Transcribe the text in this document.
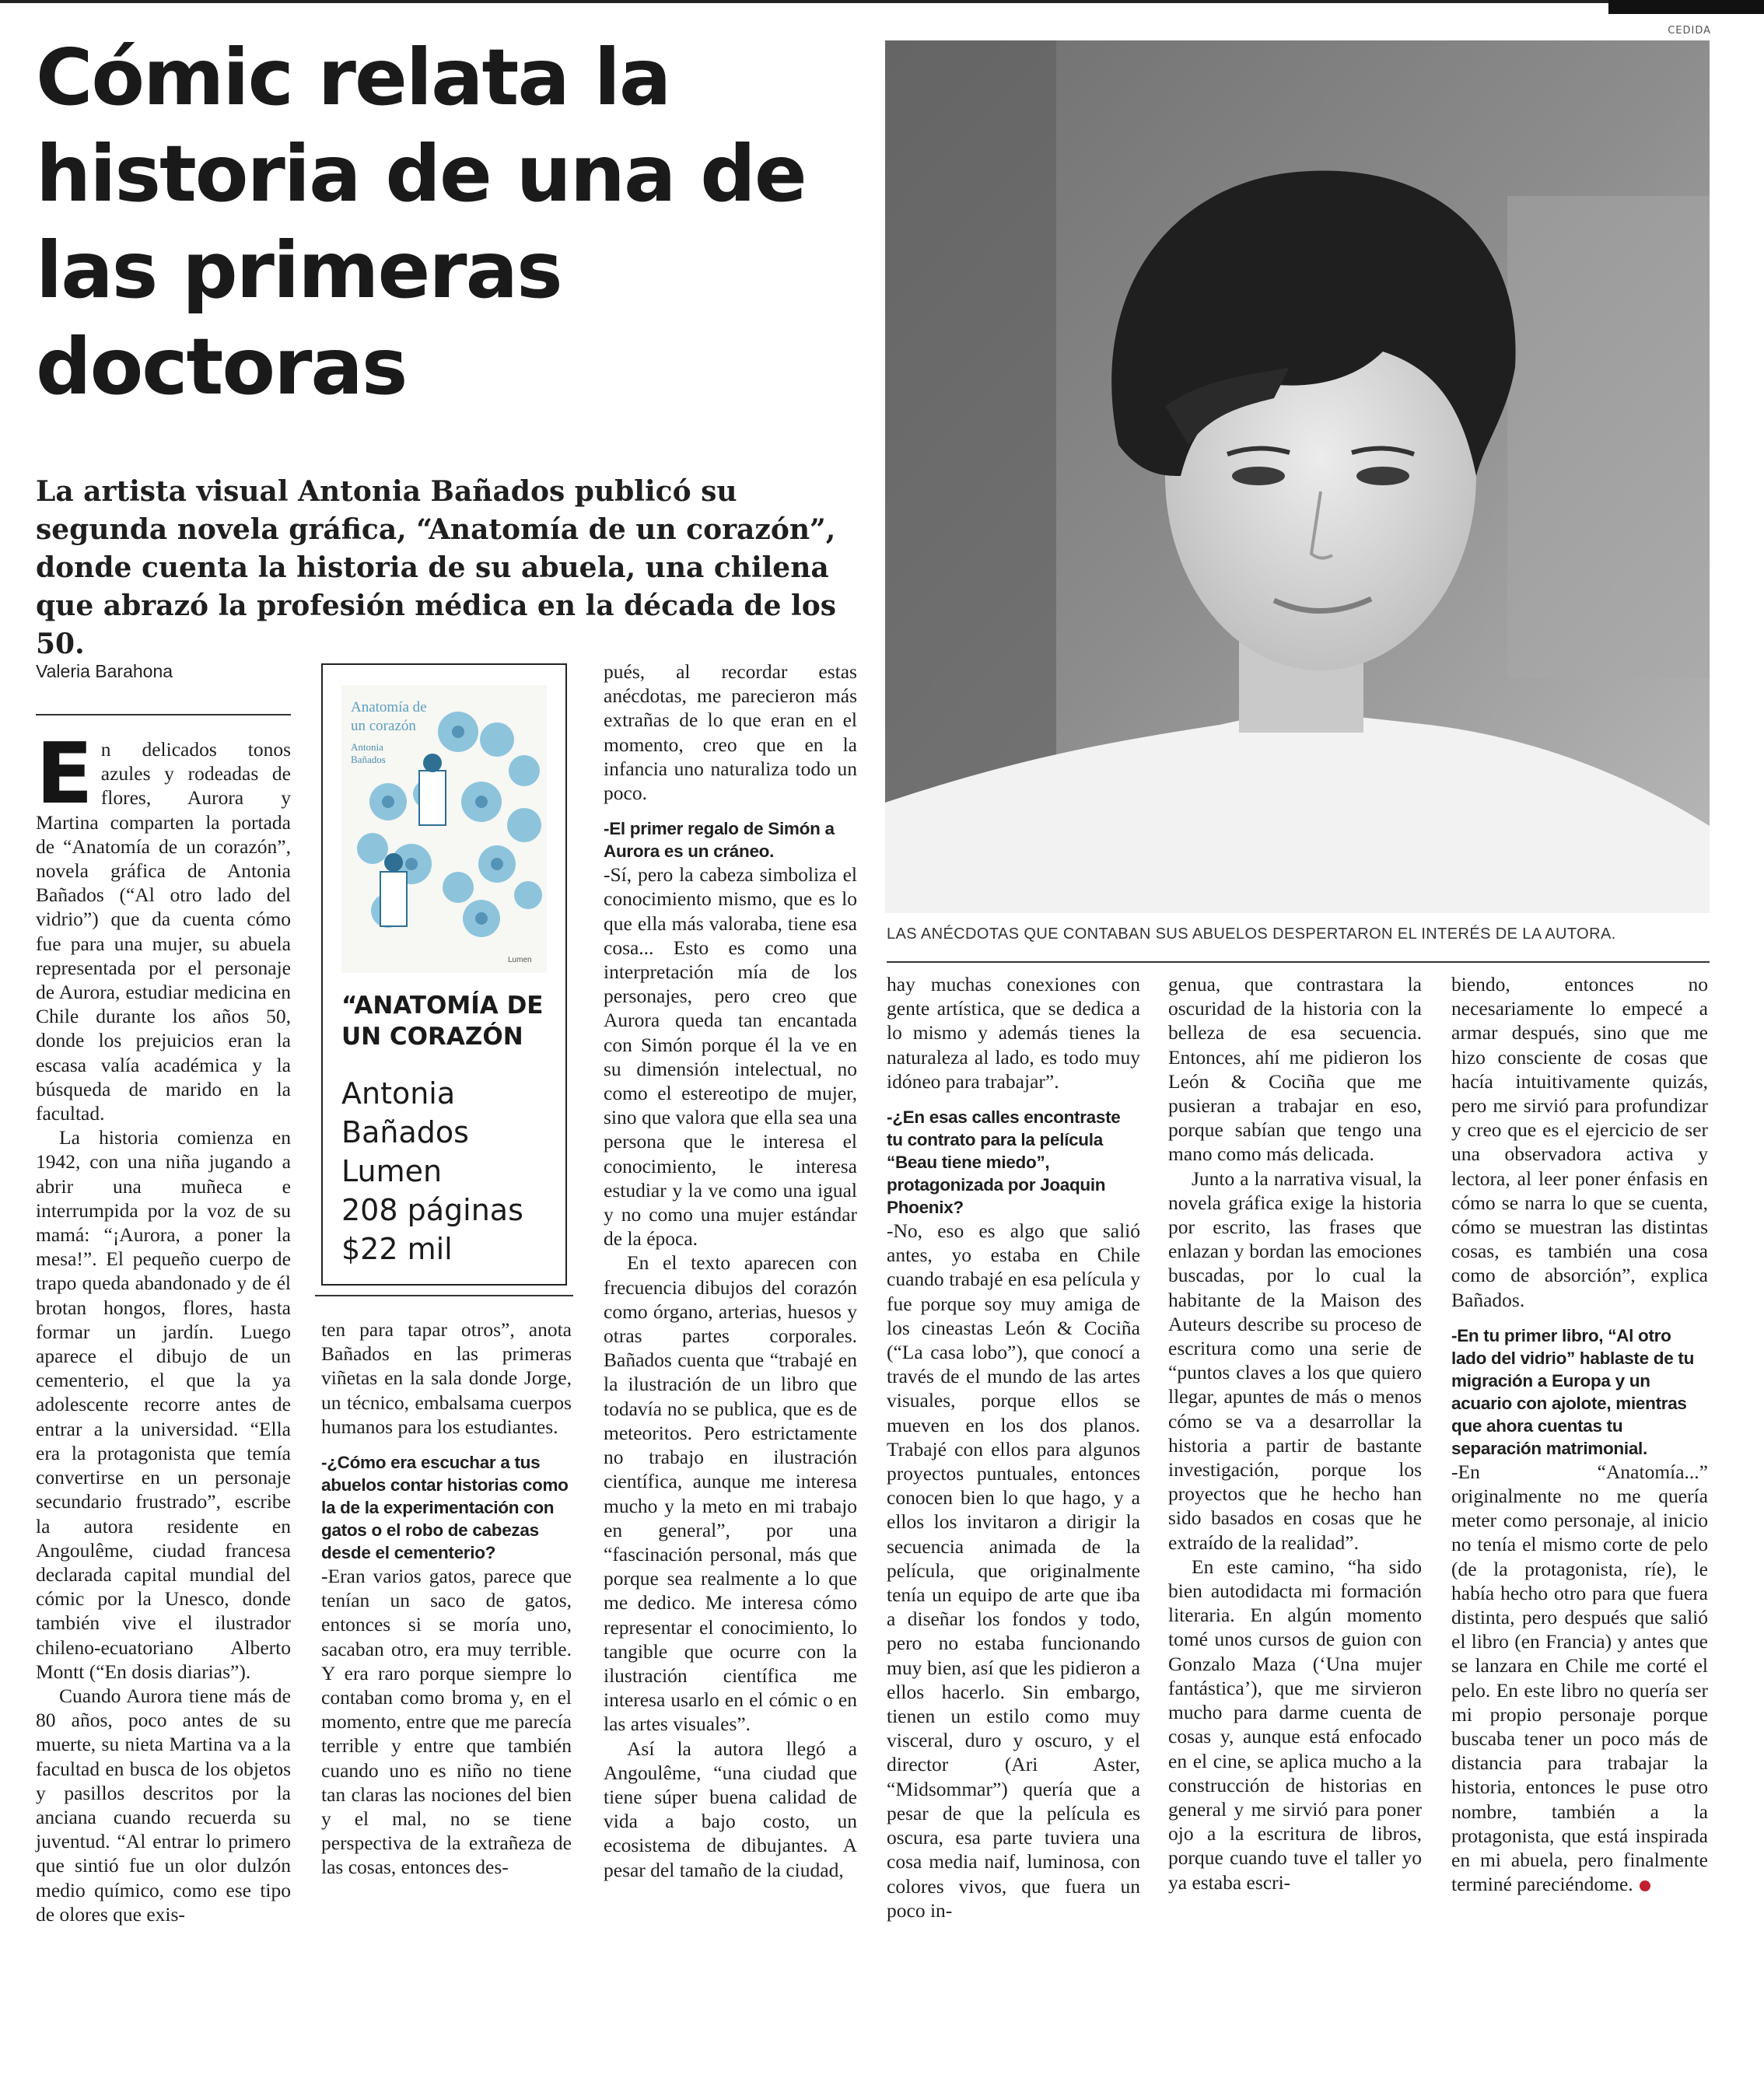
CEDIDA
Cómic relata la historia de una de las primeras doctoras

La artista visual Antonia Bañados publicó su segunda novela gráfica, “Anatomía de un corazón”, donde cuenta la historia de su abuela, una chilena que abrazó la profesión médica en la década de los 50.

Valeria Barahona
LAS ANÉCDOTAS QUE CONTABAN SUS ABUELOS DESPERTARON EL INTERÉS DE LA AUTORA.

En delicados tonos azules y rodeadas de flores, Aurora y Martina comparten la portada de “Anatomía de un corazón”, novela gráfica de Antonia Bañados (“Al otro lado del vidrio”) que da cuenta cómo fue para una mujer, su abuela representada por el personaje de Aurora, estudiar medicina en Chile durante los años 50, donde los prejuicios eran la escasa valía académica y la búsqueda de marido en la facultad.

La historia comienza en 1942, con una niña jugando a abrir una muñeca e interrumpida por la voz de su mamá: “¡Aurora, a poner la mesa!”. El pequeño cuerpo de trapo queda abandonado y de él brotan hongos, flores, hasta formar un jardín. Luego aparece el dibujo de un cementerio, el que la ya adolescente recorre antes de entrar a la universidad. “Ella era la protagonista que temía convertirse en un personaje secundario frustrado”, escribe la autora residente en Angoulême, ciudad francesa declarada capital mundial del cómic por la Unesco, donde también vive el ilustrador chileno-ecuatoriano Alberto Montt (“En dosis diarias”).

Cuando Aurora tiene más de 80 años, poco antes de su muerte, su nieta Martina va a la facultad en busca de los objetos y pasillos descritos por la anciana cuando recuerda su juventud. “Al entrar lo primero que sintió fue un olor dulzón medio químico, como ese tipo de olores que exis-

Anatomía de
un corazón
Antonia
Bañados
Lumen
“ANATOMÍA DE UN CORAZÓN
Antonia
Bañados
Lumen
208 páginas
$22 mil

ten para tapar otros”, anota Bañados en las primeras viñetas en la sala donde Jorge, un técnico, embalsama cuerpos humanos para los estudiantes.

-¿Cómo era escuchar a tus abuelos contar historias como la de la experimentación con gatos o el robo de cabezas desde el cementerio?

-Eran varios gatos, parece que tenían un saco de gatos, entonces si se moría uno, sacaban otro, era muy terrible. Y era raro porque siempre lo contaban como broma y, en el momento, entre que me parecía terrible y entre que también cuando uno es niño no tiene tan claras las nociones del bien y el mal, no se tiene perspectiva de la extrañeza de las cosas, entonces des-

pués, al recordar estas anécdotas, me parecieron más extrañas de lo que eran en el momento, creo que en la infancia uno naturaliza todo un poco.

-El primer regalo de Simón a Aurora es un cráneo.

-Sí, pero la cabeza simboliza el conocimiento mismo, que es lo que ella más valoraba, tiene esa cosa... Esto es como una interpretación mía de los personajes, pero creo que Aurora queda tan encantada con Simón porque él la ve en su dimensión intelectual, no como el estereotipo de mujer, sino que valora que ella sea una persona que le interesa el conocimiento, le interesa estudiar y la ve como una igual y no como una mujer estándar de la época.

En el texto aparecen con frecuencia dibujos del corazón como órgano, arterias, huesos y otras partes corporales. Bañados cuenta que “trabajé en la ilustración de un libro que todavía no se publica, que es de meteoritos. Pero estrictamente no trabajo en ilustración científica, aunque me interesa mucho y la meto en mi trabajo en general”, por una “fascinación personal, más que porque sea realmente a lo que me dedico. Me interesa cómo representar el conocimiento, lo tangible que ocurre con la ilustración científica me interesa usarlo en el cómic o en las artes visuales”.

Así la autora llegó a Angoulême, “una ciudad que tiene súper buena calidad de vida a bajo costo, un ecosistema de dibujantes. A pesar del tamaño de la ciudad,

hay muchas conexiones con gente artística, que se dedica a lo mismo y además tienes la naturaleza al lado, es todo muy idóneo para trabajar”.

-¿En esas calles encontraste tu contrato para la película “Beau tiene miedo”, protagonizada por Joaquin Phoenix?

-No, eso es algo que salió antes, yo estaba en Chile cuando trabajé en esa película y fue porque soy muy amiga de los cineastas León & Cociña (“La casa lobo”), que conocí a través de el mundo de las artes visuales, porque ellos se mueven en los dos planos. Trabajé con ellos para algunos proyectos puntuales, entonces conocen bien lo que hago, y a ellos los invitaron a dirigir la secuencia animada de la película, que originalmente tenía un equipo de arte que iba a diseñar los fondos y todo, pero no estaba funcionando muy bien, así que les pidieron a ellos hacerlo. Sin embargo, tienen un estilo como muy visceral, duro y oscuro, y el director (Ari Aster, “Midsommar”) quería que a pesar de que la película es oscura, esa parte tuviera una cosa media naif, luminosa, con colores vivos, que fuera un poco in-

genua, que contrastara la oscuridad de la historia con la belleza de esa secuencia. Entonces, ahí me pidieron los León & Cociña que me pusieran a trabajar en eso, porque sabían que tengo una mano como más delicada.

Junto a la narrativa visual, la novela gráfica exige la historia por escrito, las frases que enlazan y bordan las emociones buscadas, por lo cual la habitante de la Maison des Auteurs describe su proceso de escritura como una serie de “puntos claves a los que quiero llegar, apuntes de más o menos cómo se va a desarrollar la historia a partir de bastante investigación, porque los proyectos que he hecho han sido basados en cosas que he extraído de la realidad”.

En este camino, “ha sido bien autodidacta mi formación literaria. En algún momento tomé unos cursos de guion con Gonzalo Maza (‘Una mujer fantástica’), que me sirvieron mucho para darme cuenta de cosas y, aunque está enfocado en el cine, se aplica mucho a la construcción de historias en general y me sirvió para poner ojo a la escritura de libros, porque cuando tuve el taller yo ya estaba escri-

biendo, entonces no necesariamente lo empecé a armar después, sino que me hizo consciente de cosas que hacía intuitivamente quizás, pero me sirvió para profundizar y creo que es el ejercicio de ser una observadora activa y lectora, al leer poner énfasis en cómo se narra lo que se cuenta, cómo se muestran las distintas cosas, es también una cosa como de absorción”, explica Bañados.

-En tu primer libro, “Al otro lado del vidrio” hablaste de tu migración a Europa y un acuario con ajolote, mientras que ahora cuentas tu separación matrimonial.

-En “Anatomía...” originalmente no me quería meter como personaje, al inicio no tenía el mismo corte de pelo (de la protagonista, ríe), le había hecho otro para que fuera distinta, pero después que salió el libro (en Francia) y antes que se lanzara en Chile me corté el pelo. En este libro no quería ser mi propio personaje porque buscaba tener un poco más de distancia para trabajar la historia, entonces le puse otro nombre, también a la protagonista, que está inspirada en mi abuela, pero finalmente terminé pareciéndome.
